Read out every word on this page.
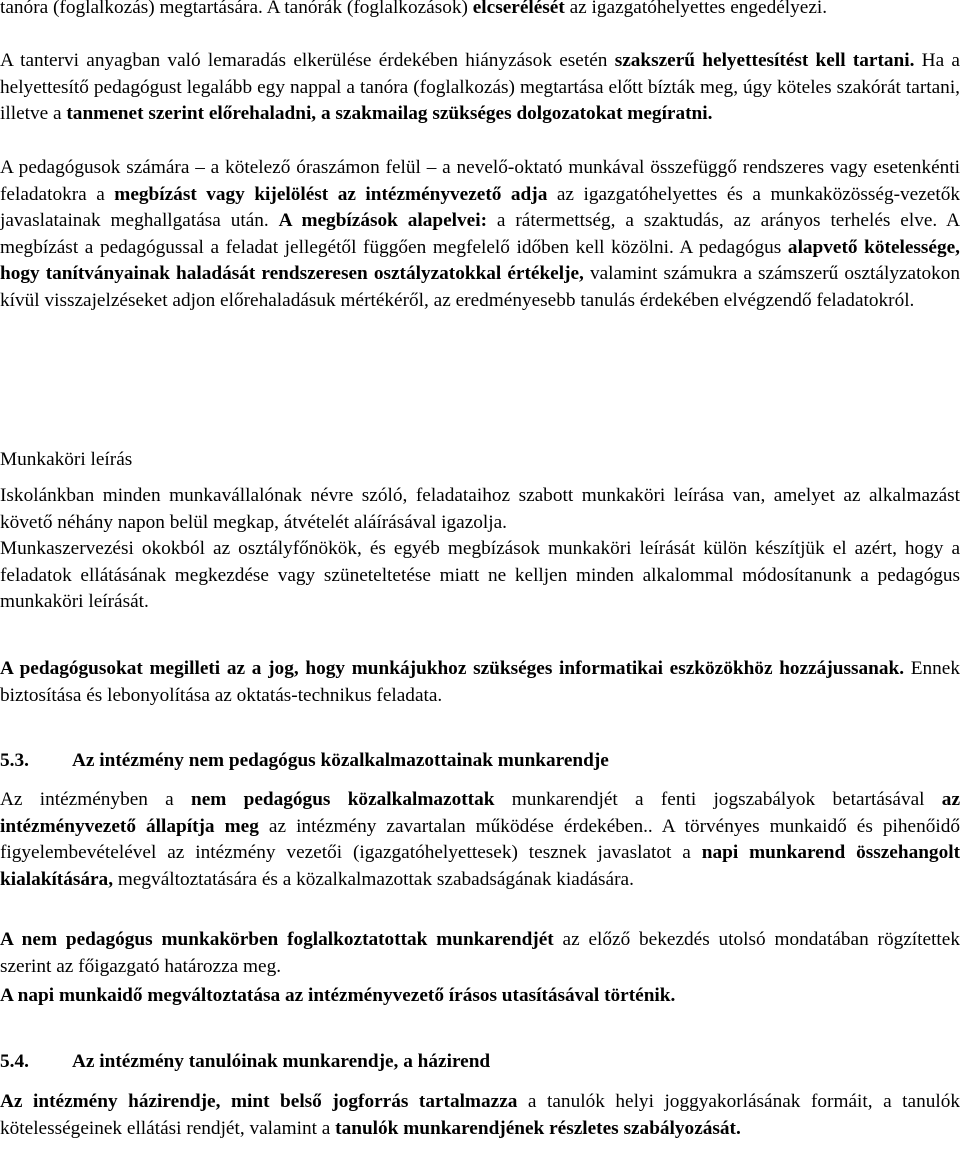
tanóra (foglalkozás) megtartására. A tanórák (foglalkozások) elcserélését az igazgatóhelyettes engedélyezi.

A tantervi anyagban való lemaradás elkerülése érdekében hiányzások esetén szakszerű helyettesítést kell tartani. Ha a helyettesítő pedagógust legalább egy nappal a tanóra (foglalkozás) megtartása előtt bízták meg, úgy köteles szakórát tartani, illetve a tanmenet szerint előrehaladni, a szakmailag szükséges dolgozatokat megíratni.

A pedagógusok számára – a kötelező óraszámon felül – a nevelő-oktató munkával összefüggő rendszeres vagy esetenkénti feladatokra a megbízást vagy kijelölést az intézményvezető adja az igazgatóhelyettes és a munkaközösség-vezetők javaslatainak meghallgatása után. A megbízások alapelvei: a rátermettség, a szaktudás, az arányos terhelés elve. A megbízást a pedagógussal a feladat jellegétől függően megfelelő időben kell közölni. A pedagógus alapvető kötelessége, hogy tanítványainak haladását rendszeresen osztályzatokkal értékelje, valamint számukra a számszerű osztályzatokon kívül visszajelzéseket adjon előrehaladásuk mértékéről, az eredményesebb tanulás érdekében elvégzendő feladatokról.

Munkaköri leírás

Iskolánkban minden munkavállalónak névre szóló, feladataihoz szabott munkaköri leírása van, amelyet az alkalmazást követő néhány napon belül megkap, átvételét aláírásával igazolja.

Munkaszervezési okokból az osztályfőnökök, és egyéb megbízások munkaköri leírását külön készítjük el azért, hogy a feladatok ellátásának megkezdése vagy szüneteltetése miatt ne kelljen minden alkalommal módosítanunk a pedagógus munkaköri leírását.

A pedagógusokat megilleti az a jog, hogy munkájukhoz szükséges informatikai eszközökhöz hozzájussanak. Ennek biztosítása és lebonyolítása az oktatás-technikus feladata.

5.3. Az intézmény nem pedagógus közalkalmazottainak munkarendje

Az intézményben a nem pedagógus közalkalmazottak munkarendjét a fenti jogszabályok betartásával az intézményvezető állapítja meg az intézmény zavartalan működése érdekében.. A törvényes munkaidő és pihenőidő figyelembevételével az intézmény vezetői (igazgatóhelyettesek) tesznek javaslatot a napi munkarend összehangolt kialakítására, megváltoztatására és a közalkalmazottak szabadságának kiadására.

A nem pedagógus munkakörben foglalkoztatottak munkarendjét az előző bekezdés utolsó mondatában rögzítettek szerint az főigazgató határozza meg.

A napi munkaidő megváltoztatása az intézményvezető írásos utasításával történik.

5.4. Az intézmény tanulóinak munkarendje, a házirend

Az intézmény házirendje, mint belső jogforrás tartalmazza a tanulók helyi joggyakorlásának formáit, a tanulók kötelességeinek ellátási rendjét, valamint a tanulók munkarendjének részletes szabályozását.
